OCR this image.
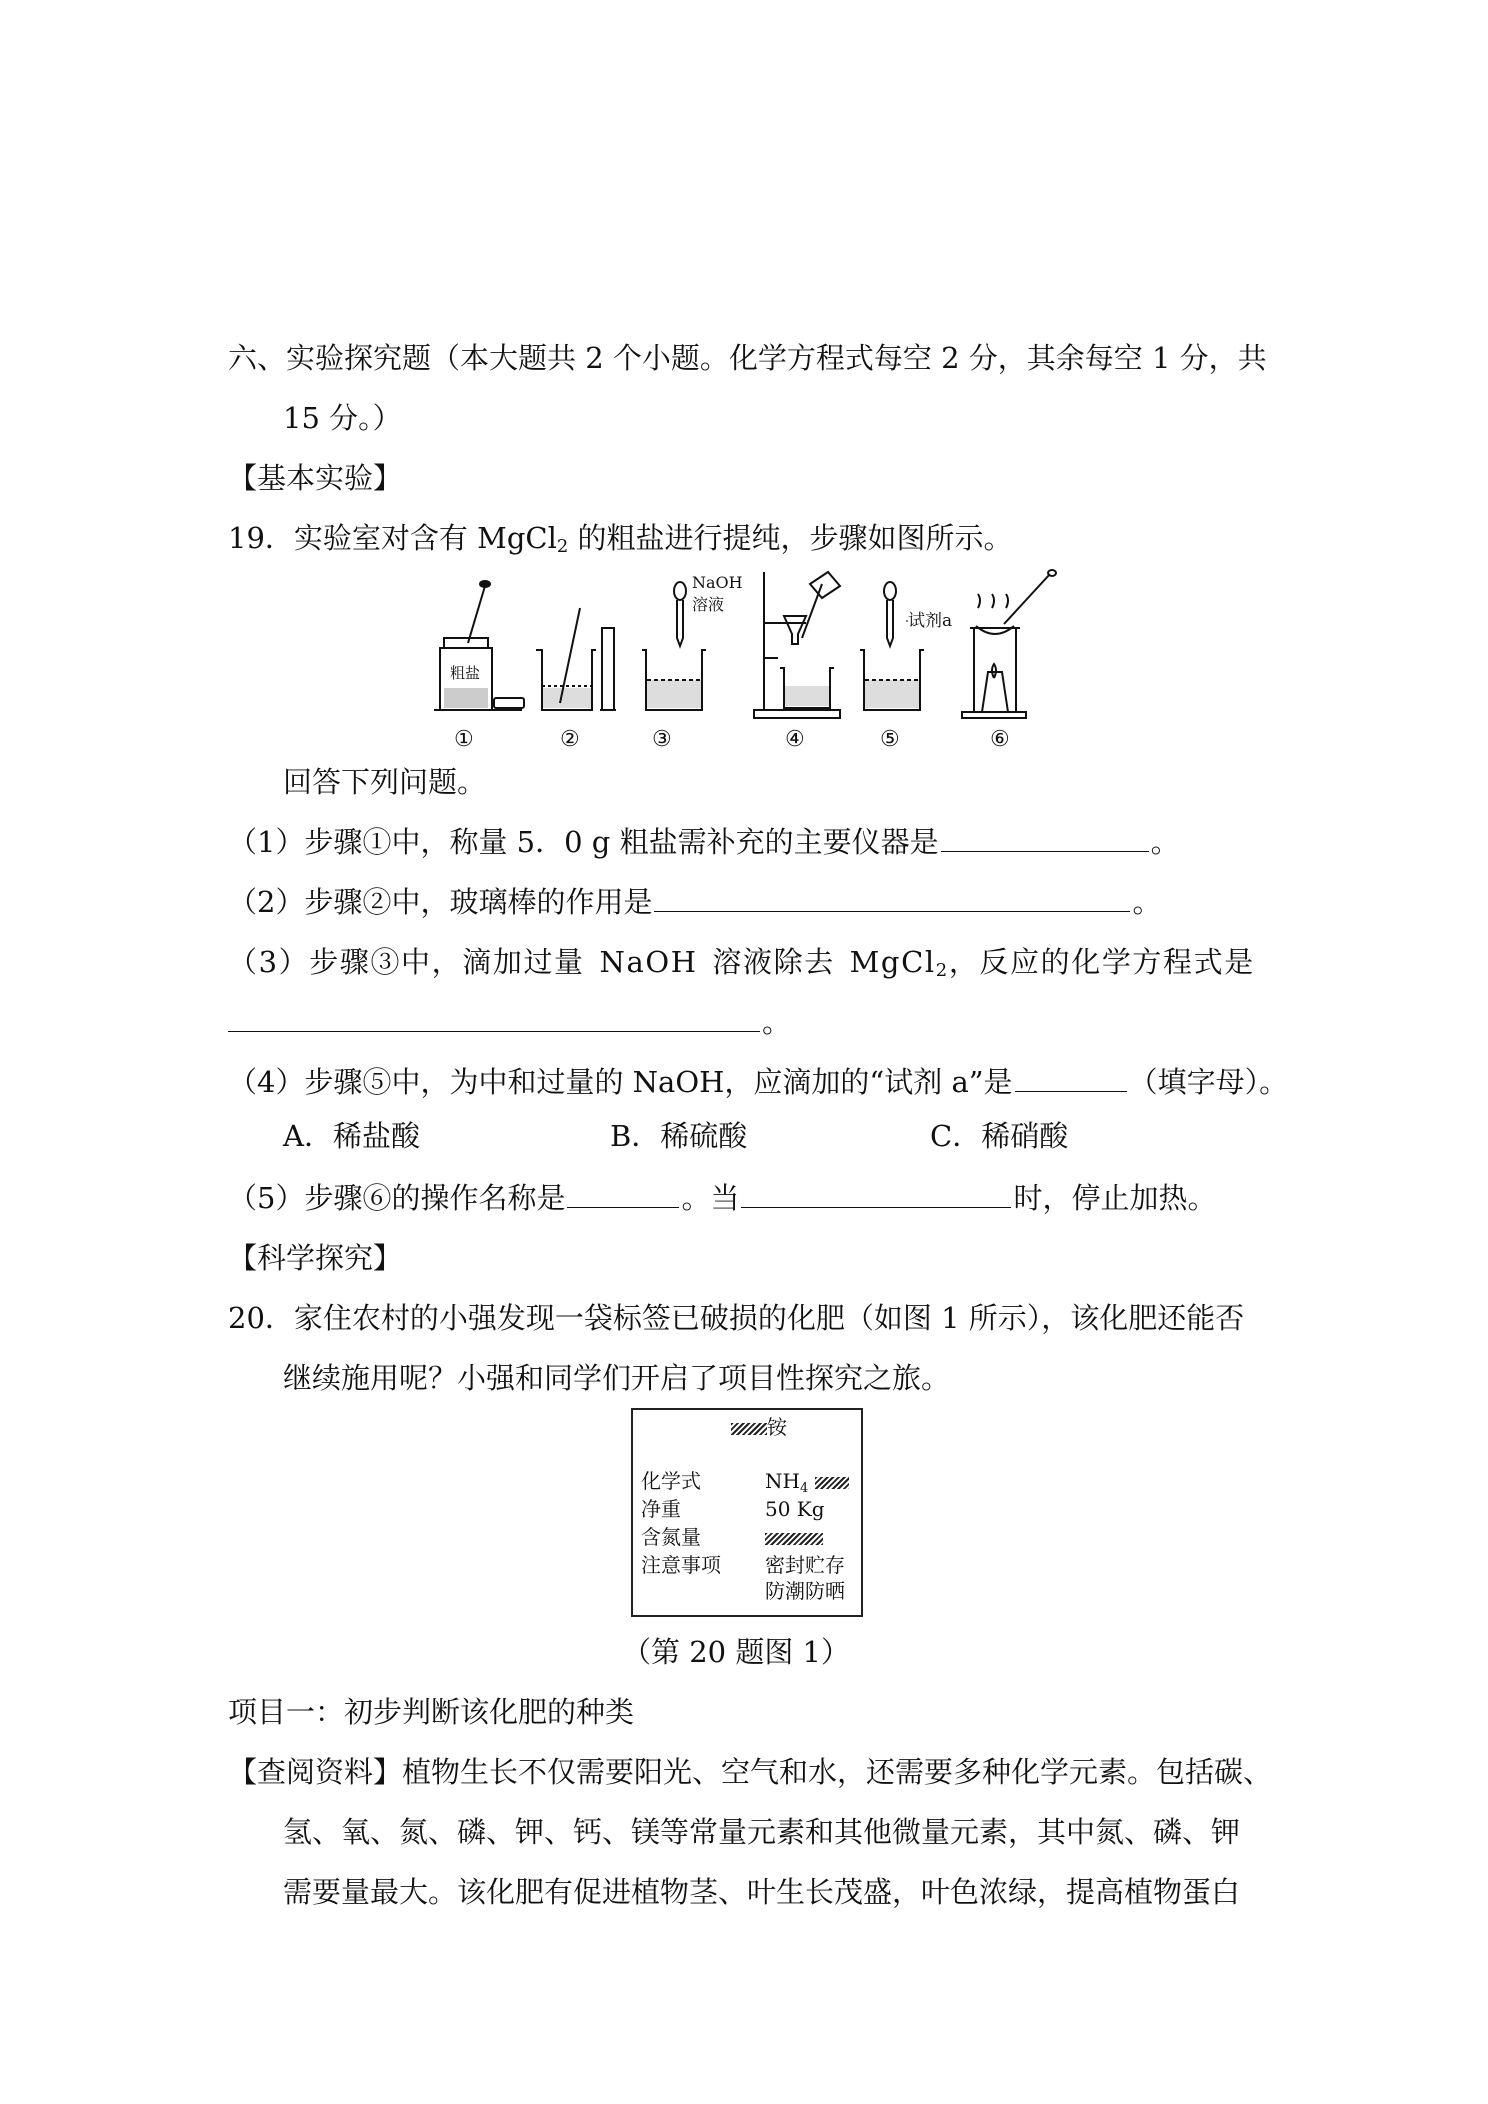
六、实验探究题（本大题共 2 个小题。化学方程式每空 2 分，其余每空 1 分，共
15 分。）
【基本实验】
19．实验室对含有 MgCl$_2$ 的粗盐进行提纯，步骤如图所示。
粗盐
NaOH
溶液
试剂a
①	②	③	④	⑤	⑥
回答下列问题。
（1）步骤①中，称量 5．0 g 粗盐需补充的主要仪器是	。
（2）步骤②中，玻璃棒的作用是	。
（3）步骤③中，滴加过量 NaOH 溶液除去 MgCl$_2$，反应的化学方程式是
。
（4）步骤⑤中，为中和过量的 NaOH，应滴加的“试剂 a”是	（填字母）。
A．稀盐酸	B．稀硫酸	C．稀硝酸
（5）步骤⑥的操作名称是	。当	时，停止加热。
【科学探究】
20．家住农村的小强发现一袋标签已破损的化肥（如图 1 所示），该化肥还能否
继续施用呢？小强和同学们开启了项目性探究之旅。
铵
化学式	$NH_4$
净重	50 Kg
含氮量
注意事项 密封贮存
防潮防晒
（第 20 题图 1）
项目一：初步判断该化肥的种类
【查阅资料】植物生长不仅需要阳光、空气和水，还需要多种化学元素。包括碳、
氢、氧、氮、磷、钾、钙、镁等常量元素和其他微量元素，其中氮、磷、钾
需要量最大。该化肥有促进植物茎、叶生长茂盛，叶色浓绿，提高植物蛋白
